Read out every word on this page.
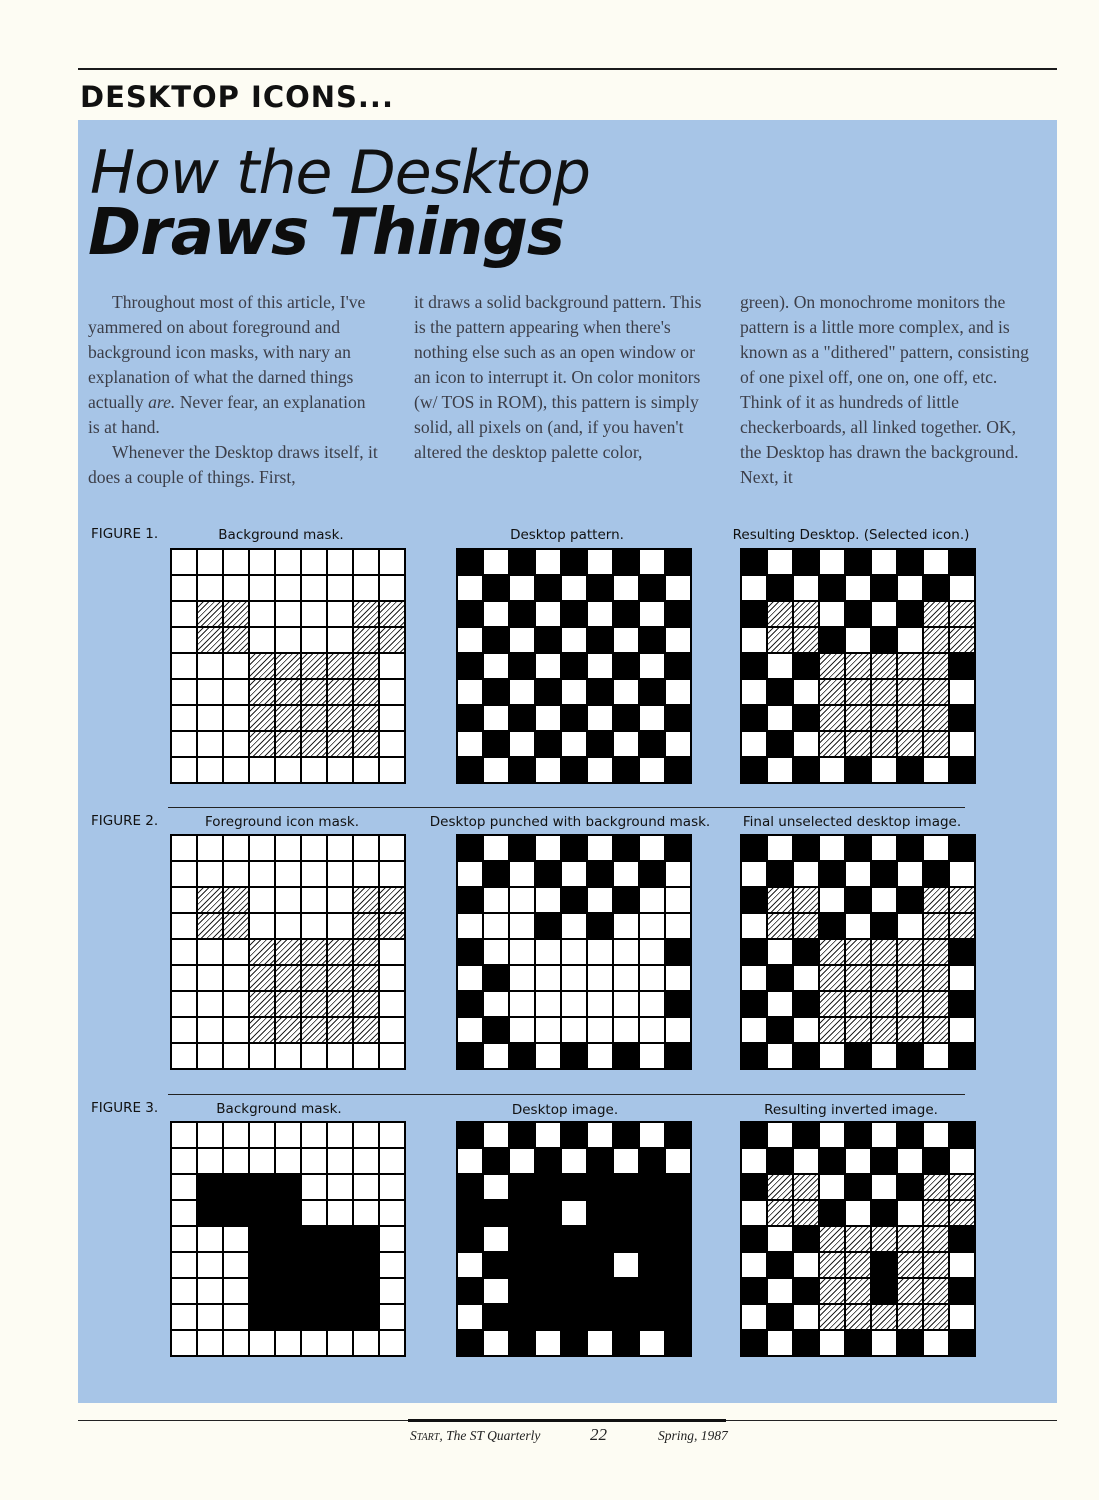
DESKTOP ICONS...
How the Desktop
Draws Things

Throughout most of this article, I've yammered on about foreground and background icon masks, with nary an explanation of what the darned things actually are. Never fear, an explanation is at hand.

Whenever the Desktop draws itself, it does a couple of things. First,

it draws a solid background pattern. This is the pattern appearing when there's nothing else such as an open window or an icon to interrupt it. On color monitors (w/ TOS in ROM), this pattern is simply solid, all pixels on (and, if you haven't altered the desktop palette color,

green). On monochrome monitors the pattern is a little more complex, and is known as a "dithered" pattern, consisting of one pixel off, one on, one off, etc. Think of it as hundreds of little checkerboards, all linked together. OK, the Desktop has drawn the background. Next, it

FIGURE 1.	Background mask.	Desktop pattern.	Resulting Desktop. (Selected icon.)
FIGURE 2.	Foreground icon mask.	Desktop punched with background mask. Final unselected desktop image.
FIGURE 3.	Background mask.	Desktop image.	Resulting inverted image.
START, The ST Quarterly	22	Spring, 1987
